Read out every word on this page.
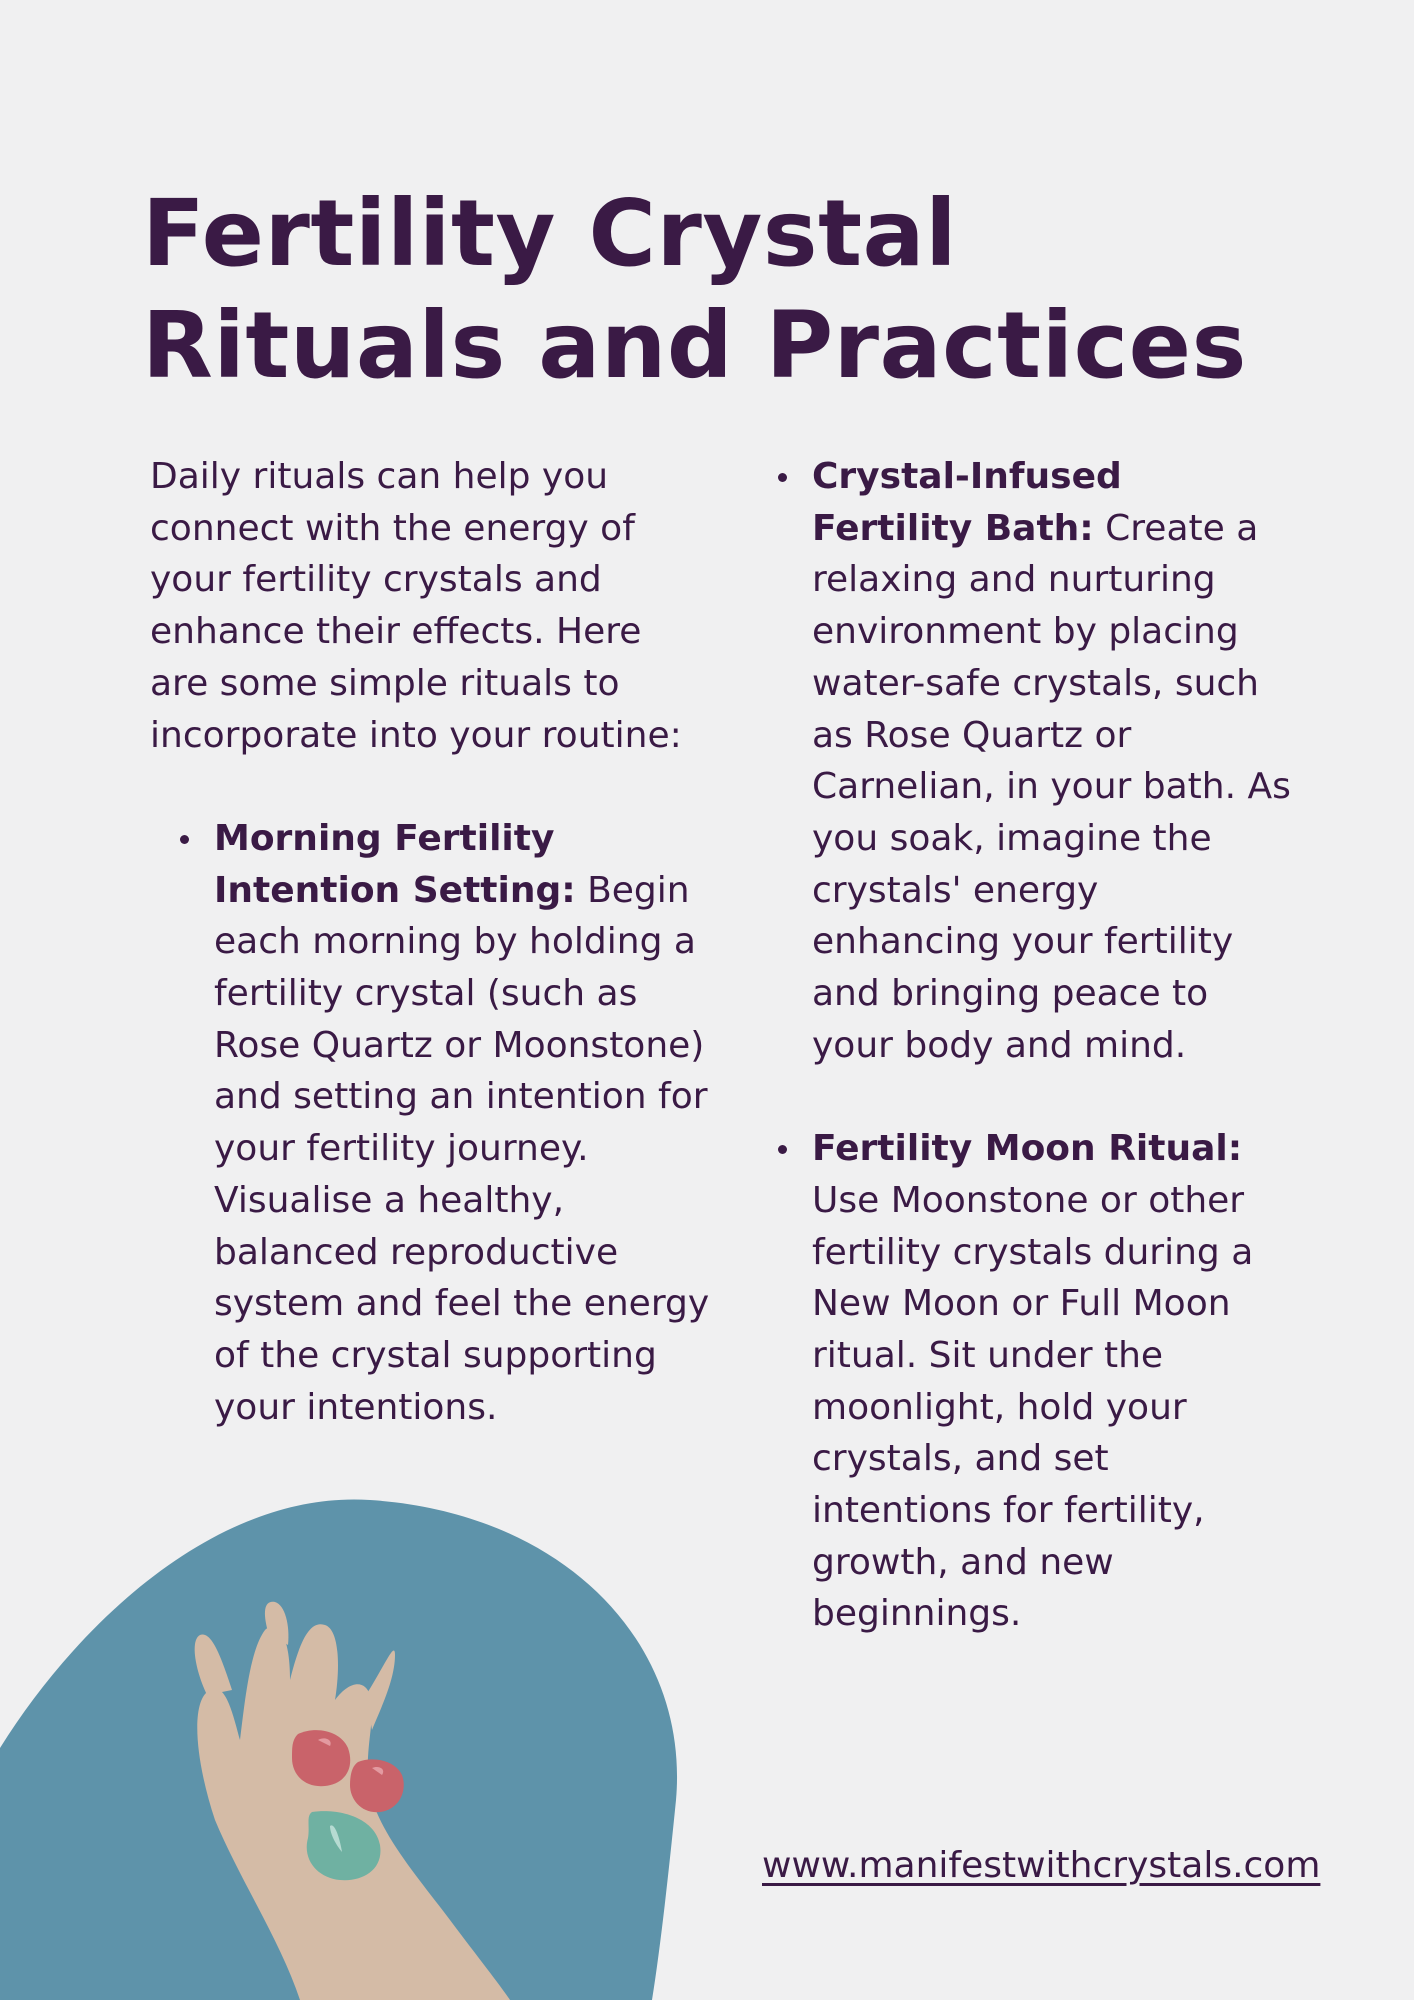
Fertility Crystal Rituals and Practices

Daily rituals can help you connect with the energy of your fertility crystals and enhance their effects. Here are some simple rituals to incorporate into your routine:

Morning Fertility Intention Setting: Begin each morning by holding a fertility crystal (such as Rose Quartz or Moonstone) and setting an intention for your fertility journey. Visualise a healthy, balanced reproductive system and feel the energy of the crystal supporting your intentions.
Crystal-Infused Fertility Bath: Create a relaxing and nurturing environment by placing water-safe crystals, such as Rose Quartz or Carnelian, in your bath. As you soak, imagine the crystals' energy enhancing your fertility and bringing peace to your body and mind.
Fertility Moon Ritual: Use Moonstone or other fertility crystals during a New Moon or Full Moon ritual. Sit under the moonlight, hold your crystals, and set intentions for fertility, growth, and new beginnings.
www.manifestwithcrystals.com
